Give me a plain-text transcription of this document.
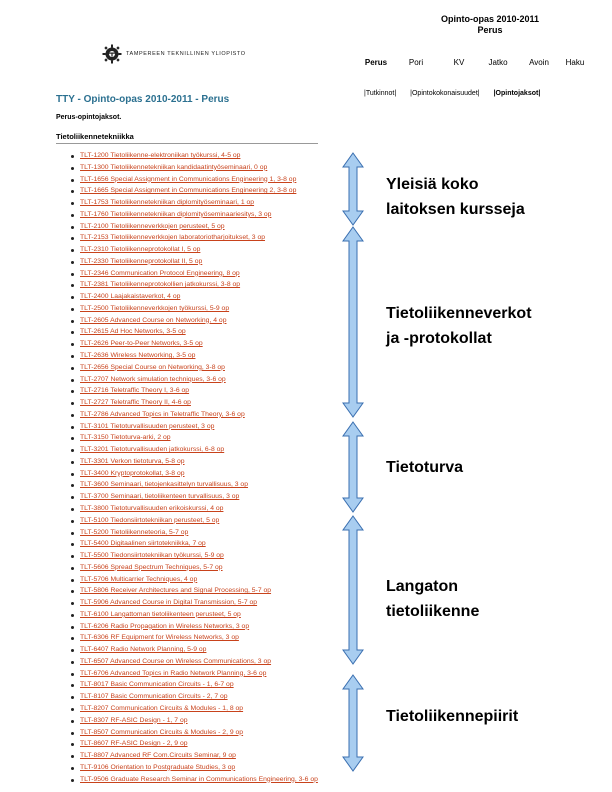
Opinto-opas 2010-2011
Perus
TAMPEREEN TEKNILLINEN YLIOPISTO
Perus	Pori	KV	Jatko	Avoin	Haku
|Tutkinnot| |Opintokokonaisuudet| |Opintojaksot|
TTY - Opinto-opas 2010-2011 - Perus
Perus-opintojaksot.
Tietoliikennetekniikka
TLT-1200 Tietoliikenne-elektroniikan työkurssi, 4-5 op
TLT-1300 Tietoliikennetekniikan kandidaatintyöseminaari, 0 op
TLT-1656 Special Assignment in Communications Engineering 1, 3-8 op
TLT-1665 Special Assignment in Communications Engineering 2, 3-8 op
TLT-1753 Tietoliikennetekniikan diplomityöseminaari, 1 op
TLT-1760 Tietoliikennetekniikan diplomityöseminaariesitys, 3 op
TLT-2100 Tietoliikenneverkkojen perusteet, 5 op
TLT-2153 Tietoliikenneverkkojen laboratoriotharjoitukset, 3 op
TLT-2310 Tietoliikenneprotokollat I, 5 op
TLT-2330 Tietoliikenneprotokollat II, 5 op
TLT-2346 Communication Protocol Engineering, 8 op
TLT-2381 Tietoliikenneprotokollien jatkokurssi, 3-8 op
TLT-2400 Laajakaistaverkot, 4 op
TLT-2500 Tietoliikenneverkkojen työkurssi, 5-9 op
TLT-2605 Advanced Course on Networking, 4 op
TLT-2615 Ad Hoc Networks, 3-5 op
TLT-2626 Peer-to-Peer Networks, 3-5 op
TLT-2636 Wireless Networking, 3-5 op
TLT-2656 Special Course on Networking, 3-8 op
TLT-2707 Network simulation techniques, 3-6 op
TLT-2716 Teletraffic Theory I, 3-6 op
TLT-2727 Teletraffic Theory II, 4-6 op
TLT-2786 Advanced Topics in Teletraffic Theory, 3-6 op
TLT-3101 Tietoturvallisuuden perusteet, 3 op
TLT-3150 Tietoturva-arki, 2 op
TLT-3201 Tietoturvallisuuden jatkokurssi, 6-8 op
TLT-3301 Verkon tietoturva, 5-8 op
TLT-3400 Kryptoprotokollat, 3-8 op
TLT-3600 Seminaari, tietojenkasittelyn turvallisuus, 3 op
TLT-3700 Seminaari, tietoliikenteen turvallisuus, 3 op
TLT-3800 Tietoturvallisuuden erikoiskurssi, 4 op
TLT-5100 Tiedonsiirtotekniikan perusteet, 5 op
TLT-5200 Tietoliikenneteoria, 5-7 op
TLT-5400 Digitaalinen siirtotekniikka, 7 op
TLT-5500 Tiedonsiirtotekniikan työkurssi, 5-9 op
TLT-5606 Spread Spectrum Techniques, 5-7 op
TLT-5706 Multicarrier Techniques, 4 op
TLT-5806 Receiver Architectures and Signal Processing, 5-7 op
TLT-5906 Advanced Course in Digital Transmission, 5-7 op
TLT-6100 Langattoman tietoliikenteen perusteet, 5 op
TLT-6206 Radio Propagation in Wireless Networks, 3 op
TLT-6306 RF Equipment for Wireless Networks, 3 op
TLT-6407 Radio Network Planning, 5-9 op
TLT-6507 Advanced Course on Wireless Communications, 3 op
TLT-6706 Advanced Topics in Radio Network Planning, 3-6 op
TLT-8017 Basic Communication Circuits - 1, 6-7 op
TLT-8107 Basic Communication Circuits - 2, 7 op
TLT-8207 Communication Circuits & Modules - 1, 8 op
TLT-8307 RF-ASIC Design - 1, 7 op
TLT-8507 Communication Circuits & Modules - 2, 9 op
TLT-8607 RF-ASIC Design - 2, 9 op
TLT-8807 Advanced RF Com.Circuits Seminar, 9 op
TLT-9106 Orientation to Postgraduate Studies, 3 op
TLT-9506 Graduate Research Seminar in Communications Engineering, 3-6 op
Yleisiä koko
laitoksen kursseja
Tietoliikenneverkot
ja -protokollat
Tietoturva
Langaton
tietoliikenne
Tietoliikennepiirit
